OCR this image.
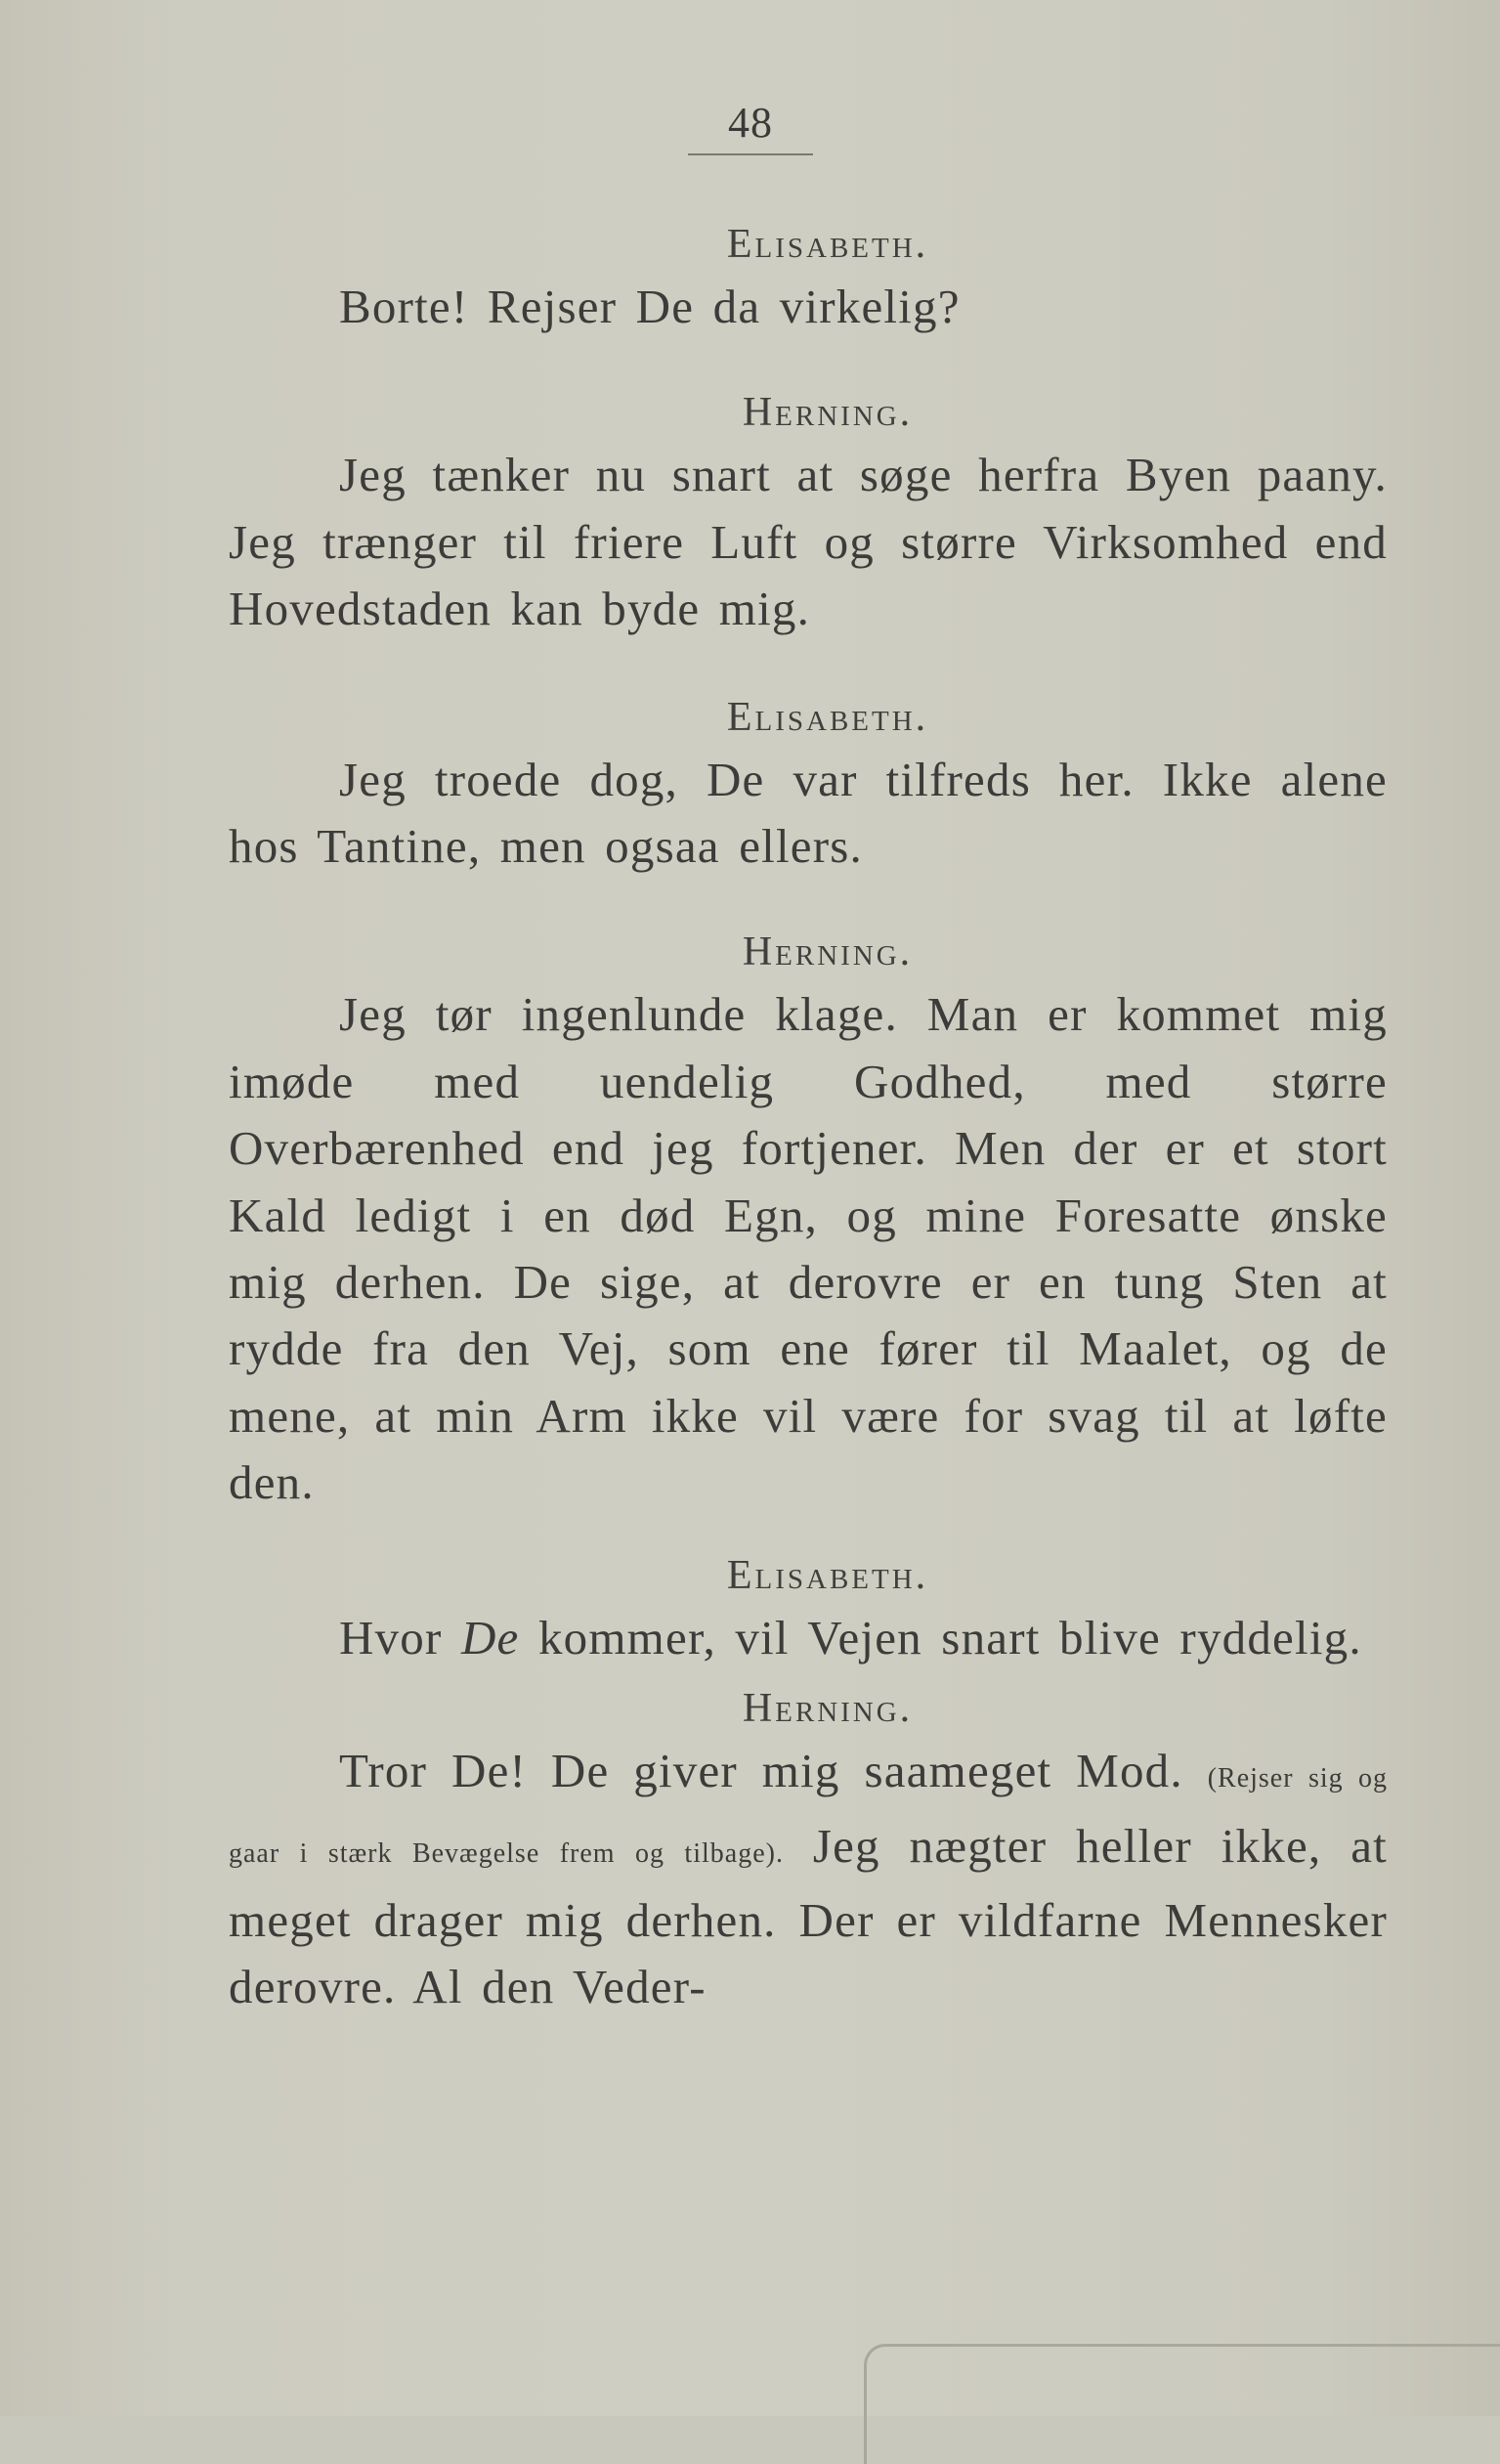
48
Elisabeth.

Borte! Rejser De da virkelig?

Herning.

Jeg tænker nu snart at søge herfra Byen paany. Jeg trænger til friere Luft og større Virksomhed end Hovedstaden kan byde mig.

Elisabeth.

Jeg troede dog, De var tilfreds her. Ikke alene hos Tantine, men ogsaa ellers.

Herning.

Jeg tør ingenlunde klage. Man er kommet mig imøde med uendelig Godhed, med større Overbærenhed end jeg fortjener. Men der er et stort Kald ledigt i en død Egn, og mine Foresatte ønske mig derhen. De sige, at derovre er en tung Sten at rydde fra den Vej, som ene fører til Maalet, og de mene, at min Arm ikke vil være for svag til at løfte den.

Elisabeth.

Hvor De kommer, vil Vejen snart blive ryddelig.

Herning.

Tror De! De giver mig saameget Mod. (Rejser sig og gaar i stærk Bevægelse frem og tilbage). Jeg nægter heller ikke, at meget drager mig derhen. Der er vildfarne Mennesker derovre. Al den Veder-
